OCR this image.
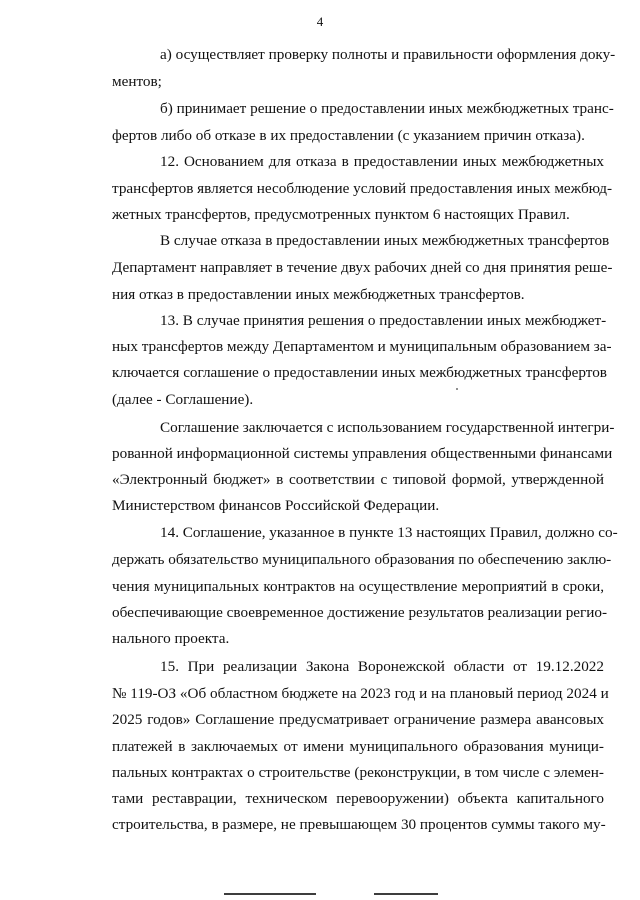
4
а) осуществляет проверку полноты и правильности оформления доку-
ментов;
б) принимает решение о предоставлении иных межбюджетных транс-
фертов либо об отказе в их предоставлении (с указанием причин отказа).
12. Основанием для отказа в предоставлении иных межбюджетных
трансфертов является несоблюдение условий предоставления иных межбюд-
жетных трансфертов, предусмотренных пунктом 6 настоящих Правил.
В случае отказа в предоставлении иных межбюджетных трансфертов
Департамент направляет в течение двух рабочих дней со дня принятия реше-
ния отказ в предоставлении иных межбюджетных трансфертов.
13. В случае принятия решения о предоставлении иных межбюджет-
ных трансфертов между Департаментом и муниципальным образованием за-
ключается соглашение о предоставлении иных межбюджетных трансфертов
(далее - Соглашение).
Соглашение заключается с использованием государственной интегри-
рованной информационной системы управления общественными финансами
«Электронный бюджет» в соответствии с типовой формой, утвержденной
Министерством финансов Российской Федерации.
14. Соглашение, указанное в пункте 13 настоящих Правил, должно со-
держать обязательство муниципального образования по обеспечению заклю-
чения муниципальных контрактов на осуществление мероприятий в сроки,
обеспечивающие своевременное достижение результатов реализации регио-
нального проекта.
15. При реализации Закона Воронежской области от 19.12.2022
№ 119-ОЗ «Об областном бюджете на 2023 год и на плановый период 2024 и
2025 годов» Соглашение предусматривает ограничение размера авансовых
платежей в заключаемых от имени муниципального образования муници-
пальных контрактах о строительстве (реконструкции, в том числе с элемен-
тами реставрации, техническом перевооружении) объекта капитального
строительства, в размере, не превышающем 30 процентов суммы такого му-
